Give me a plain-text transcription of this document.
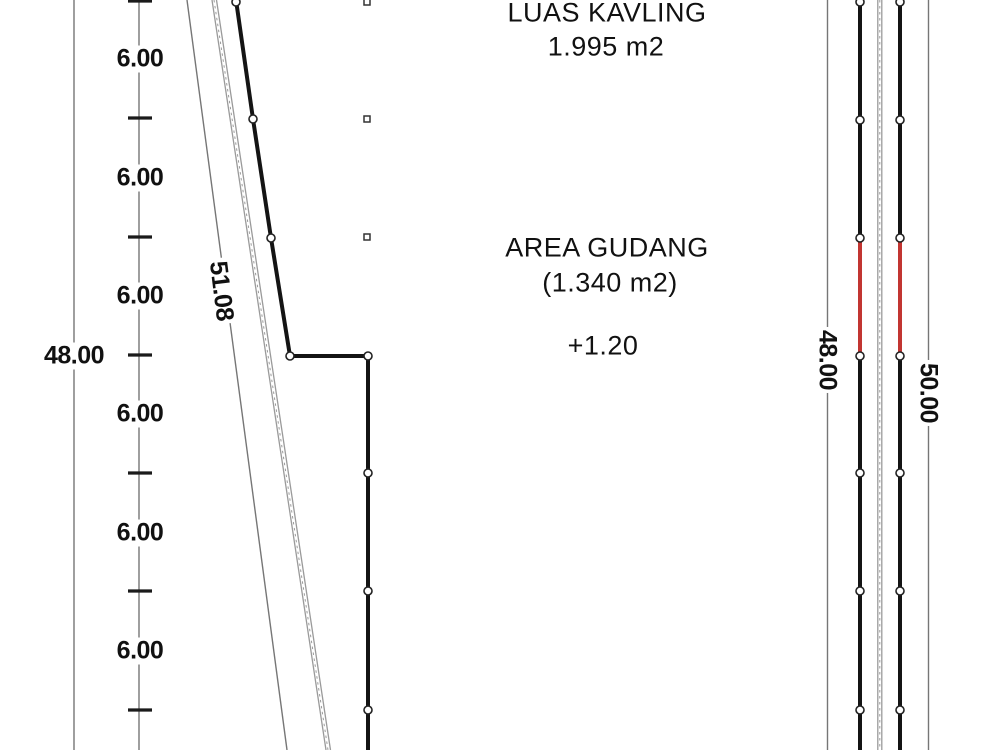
6.00
6.00
6.00
6.00
6.00
6.00
48.00
51.08
48.00
50.00
LUAS KAVLING
1.995 m2
AREA GUDANG
(1.340 m2)
+1.20
